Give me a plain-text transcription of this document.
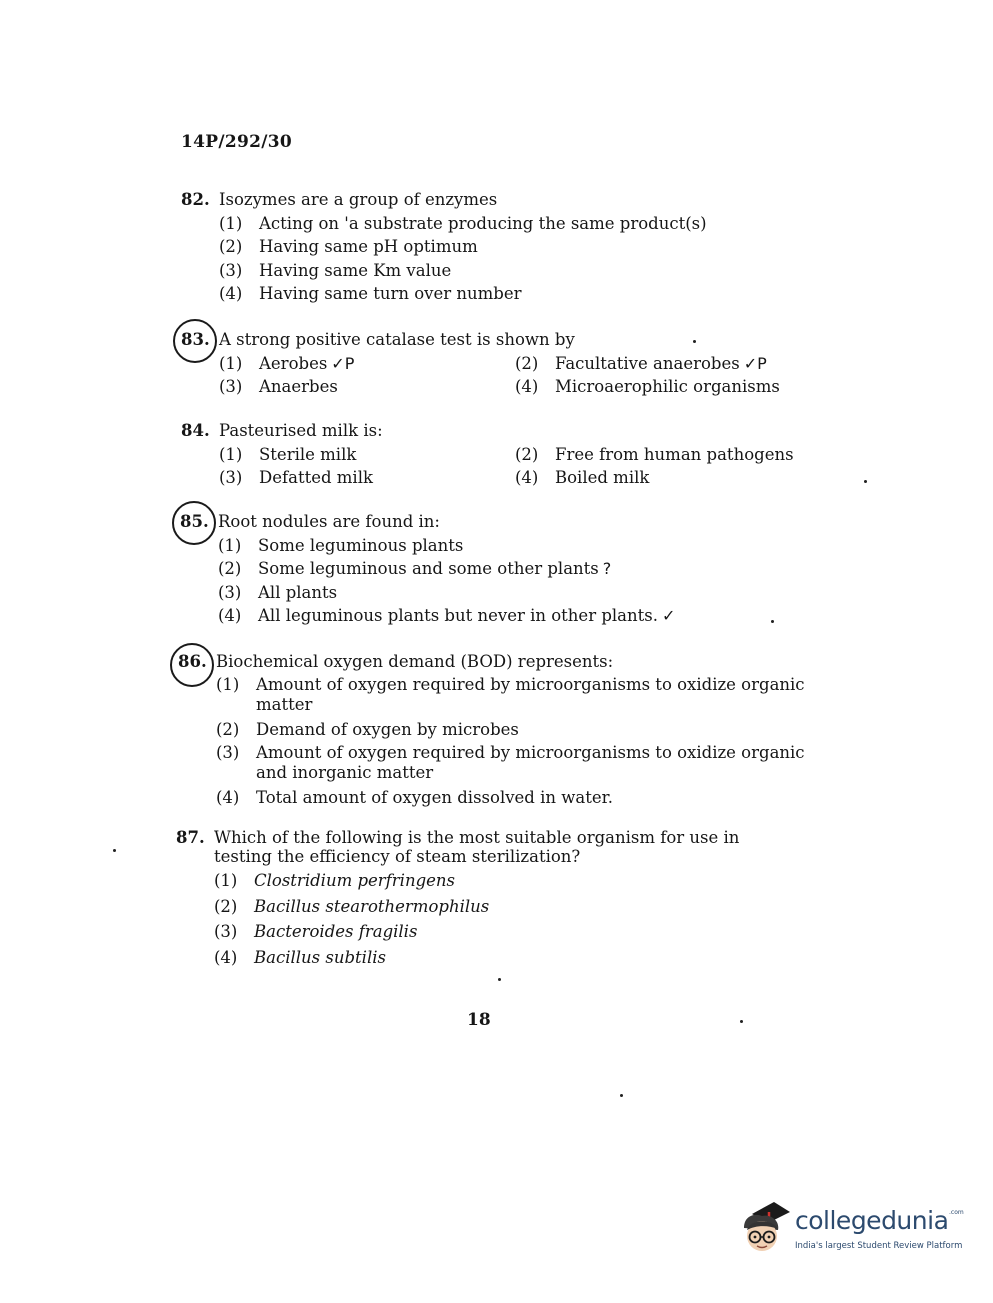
14P/292/30
82. Isozymes are a group of enzymes
(1)	Acting on 'a substrate producing the same product(s)
(2)	Having same pH optimum
(3)	Having same Km value
(4)	Having same turn over number
83. A strong positive catalase test is shown by
(1)	Aerobes ✓P	(2)	Facultative anaerobes ✓P
(3)	Anaerbes	(4)	Microaerophilic organisms
84. Pasteurised milk is:
(1)	Sterile milk	(2)	Free from human pathogens
(3)	Defatted milk	(4)	Boiled milk
85. Root nodules are found in:
(1)	Some leguminous plants
(2)	Some leguminous and some other plants ?
(3)	All plants
(4)	All leguminous plants but never in other plants. ✓
86. Biochemical oxygen demand (BOD) represents:
(1)	Amount of oxygen required by microorganisms to oxidize organic matter
(2)	Demand of oxygen by microbes
(3)	Amount of oxygen required by microorganisms to oxidize organic and inorganic matter
(4)	Total amount of oxygen dissolved in water.
87. Which of the following is the most suitable organism for use in testing the efficiency of steam sterilization?
(1)	Clostridium perfringens
(2)	Bacillus stearothermophilus
(3)	Bacteroides fragilis
(4)	Bacillus subtilis
18
collegedunia .com
India's largest Student Review Platform
